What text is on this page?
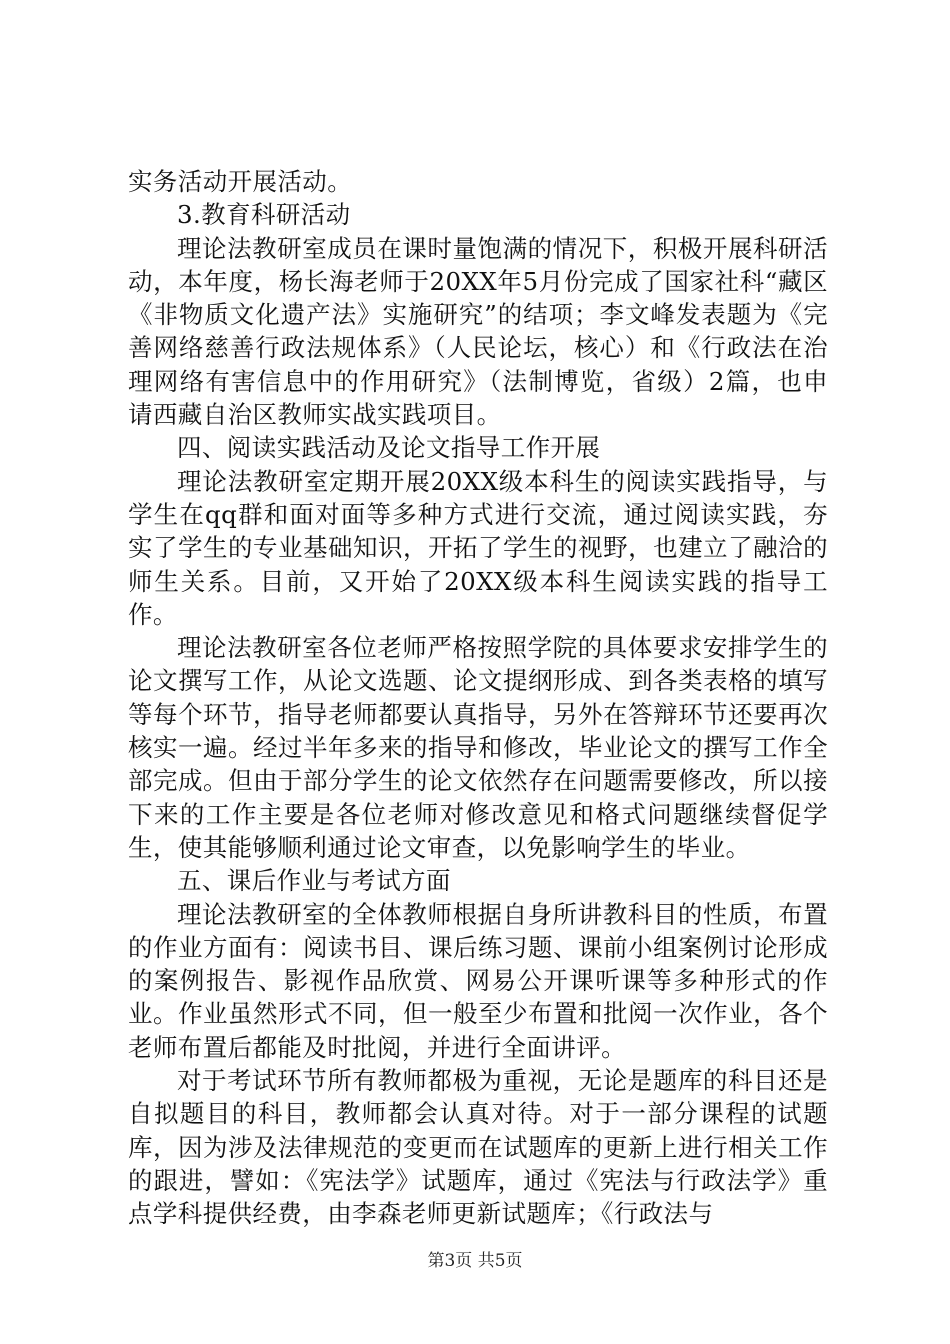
实务活动开展活动。

3.教育科研活动

理论法教研室成员在课时量饱满的情况下，积极开展科研活动，本年度，杨长海老师于20XX年5月份完成了国家社科“藏区《非物质文化遗产法》实施研究”的结项；李文峰发表题为《完善网络慈善行政法规体系》（人民论坛，核心）和《行政法在治理网络有害信息中的作用研究》（法制博览，省级）2篇，也申请西藏自治区教师实战实践项目。

四、阅读实践活动及论文指导工作开展

理论法教研室定期开展20XX级本科生的阅读实践指导，与学生在qq群和面对面等多种方式进行交流，通过阅读实践，夯实了学生的专业基础知识，开拓了学生的视野，也建立了融洽的师生关系。目前，又开始了20XX级本科生阅读实践的指导工作。

理论法教研室各位老师严格按照学院的具体要求安排学生的论文撰写工作，从论文选题、论文提纲形成、到各类表格的填写等每个环节，指导老师都要认真指导，另外在答辩环节还要再次核实一遍。经过半年多来的指导和修改，毕业论文的撰写工作全部完成。但由于部分学生的论文依然存在问题需要修改，所以接下来的工作主要是各位老师对修改意见和格式问题继续督促学生，使其能够顺利通过论文审查，以免影响学生的毕业。

五、课后作业与考试方面

理论法教研室的全体教师根据自身所讲教科目的性质，布置的作业方面有：阅读书目、课后练习题、课前小组案例讨论形成的案例报告、影视作品欣赏、网易公开课听课等多种形式的作业。作业虽然形式不同，但一般至少布置和批阅一次作业，各个老师布置后都能及时批阅，并进行全面讲评。

对于考试环节所有教师都极为重视，无论是题库的科目还是自拟题目的科目，教师都会认真对待。对于一部分课程的试题库，因为涉及法律规范的变更而在试题库的更新上进行相关工作的跟进，譬如：《宪法学》试题库，通过《宪法与行政法学》重点学科提供经费，由李森老师更新试题库；《行政法与

第3页 共5页
